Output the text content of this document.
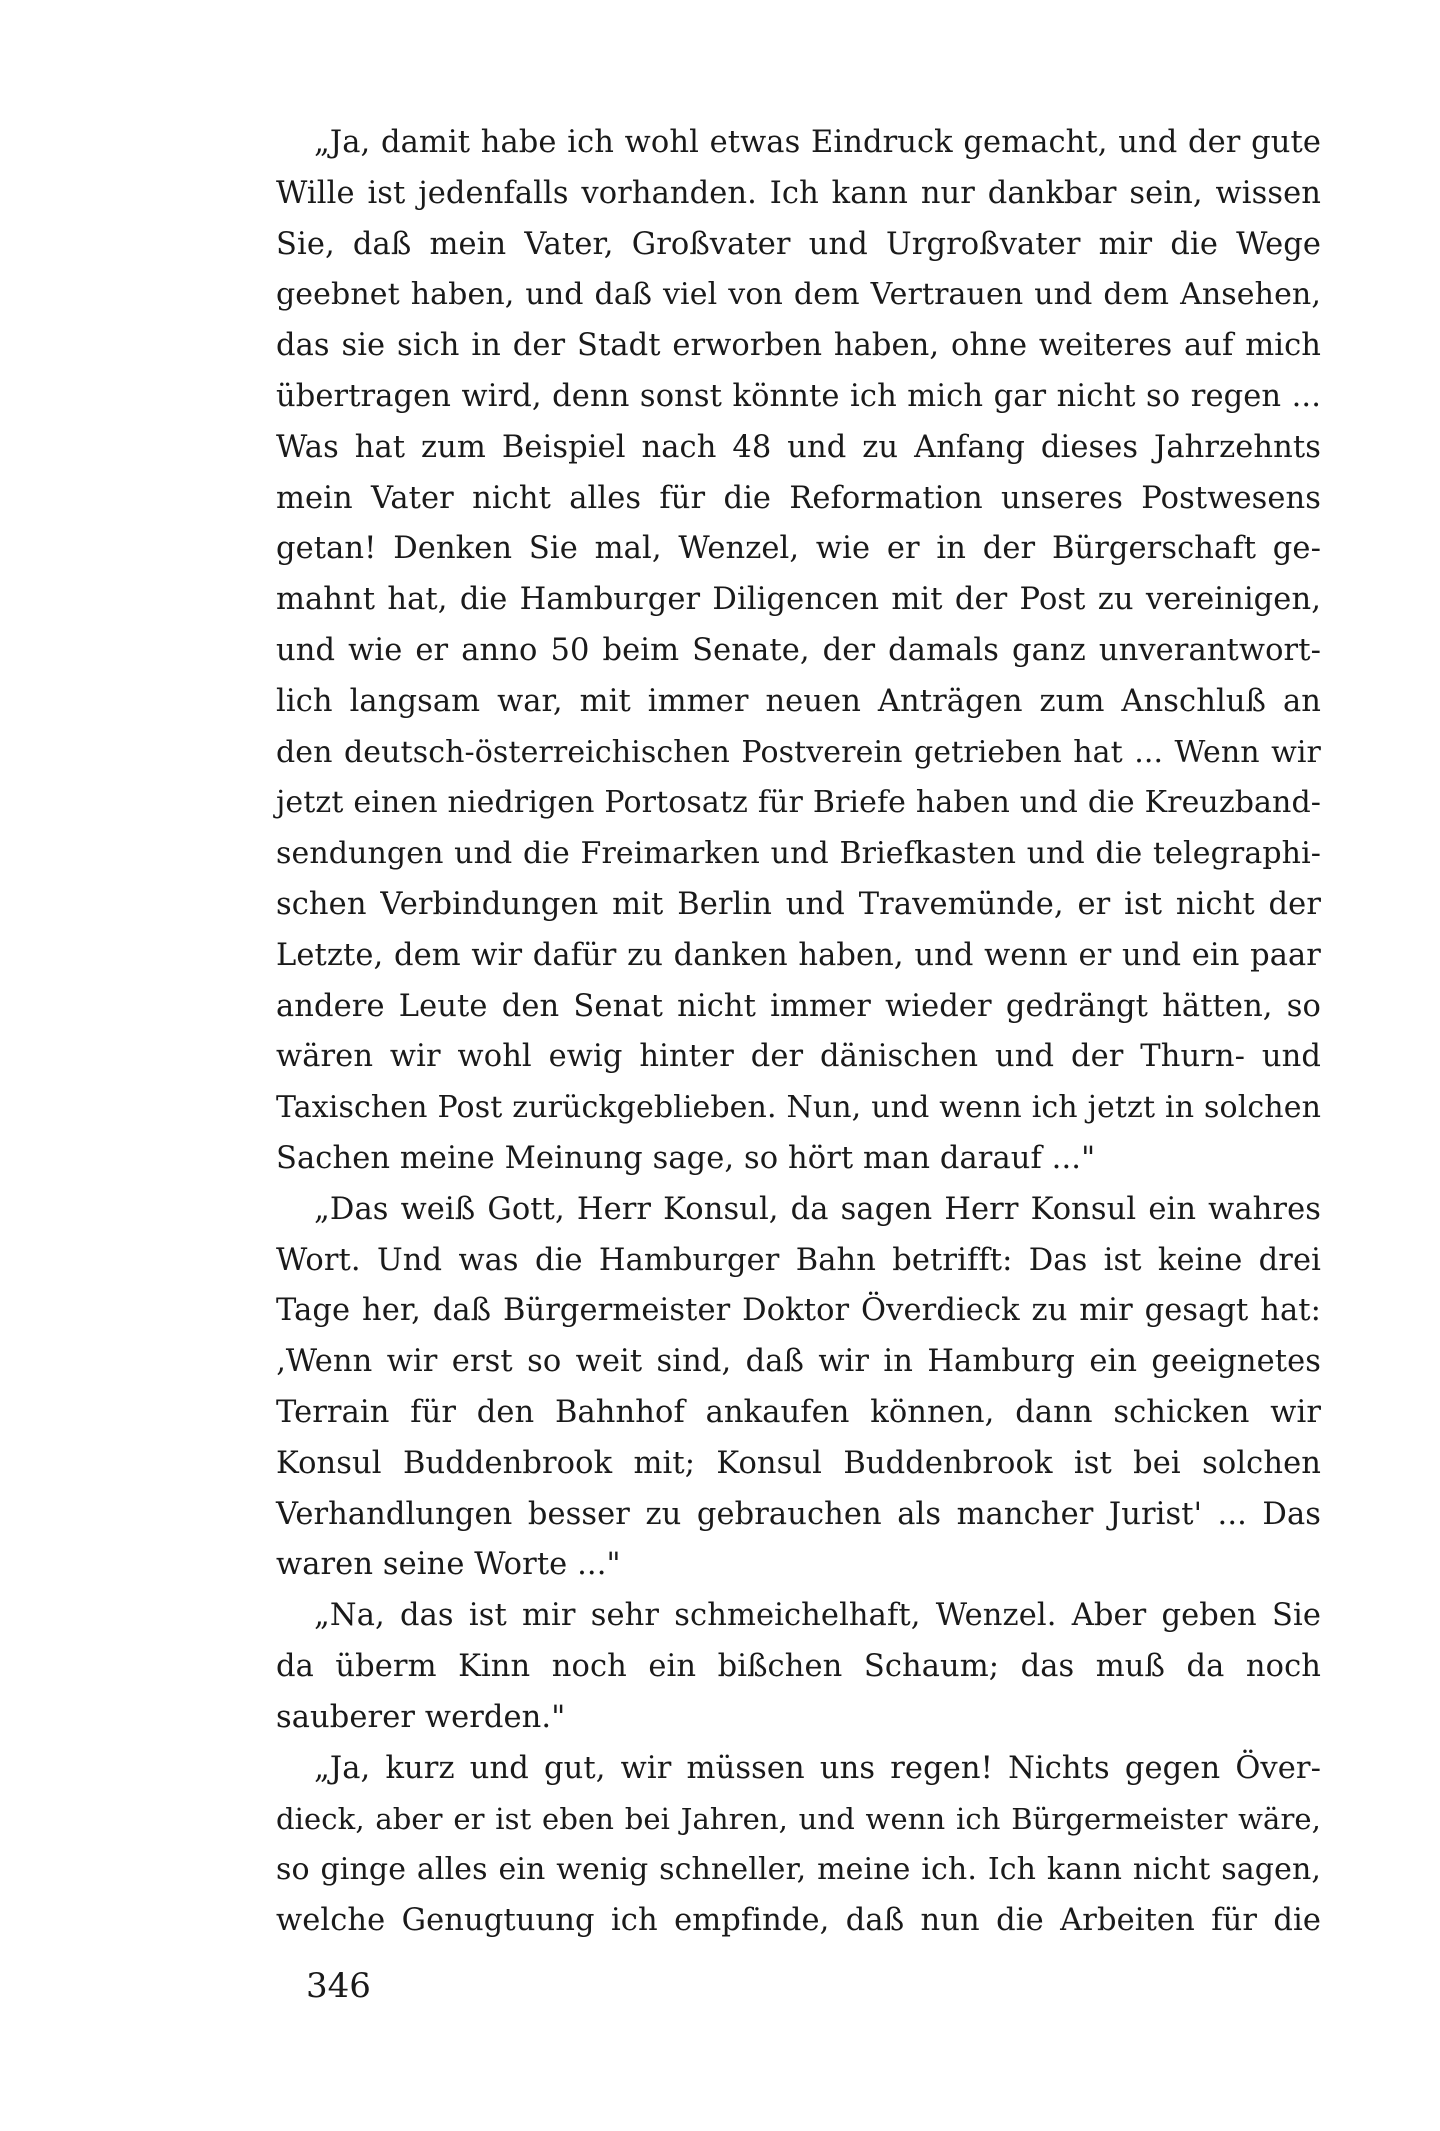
„Ja, damit habe ich wohl etwas Eindruck gemacht, und der gute
Wille ist jedenfalls vorhanden. Ich kann nur dankbar sein, wissen
Sie, daß mein Vater, Großvater und Urgroßvater mir die Wege
geebnet haben, und daß viel von dem Vertrauen und dem Ansehen,
das sie sich in der Stadt erworben haben, ohne weiteres auf mich
übertragen wird, denn sonst könnte ich mich gar nicht so regen ...
Was hat zum Beispiel nach 48 und zu Anfang dieses Jahrzehnts
mein Vater nicht alles für die Reformation unseres Postwesens
getan! Denken Sie mal, Wenzel, wie er in der Bürgerschaft ge-
mahnt hat, die Hamburger Diligencen mit der Post zu vereinigen,
und wie er anno 50 beim Senate, der damals ganz unverantwort-
lich langsam war, mit immer neuen Anträgen zum Anschluß an
den deutsch-österreichischen Postverein getrieben hat ... Wenn wir
jetzt einen niedrigen Portosatz für Briefe haben und die Kreuzband-
sendungen und die Freimarken und Briefkasten und die telegraphi-
schen Verbindungen mit Berlin und Travemünde, er ist nicht der
Letzte, dem wir dafür zu danken haben, und wenn er und ein paar
andere Leute den Senat nicht immer wieder gedrängt hätten, so
wären wir wohl ewig hinter der dänischen und der Thurn- und
Taxischen Post zurückgeblieben. Nun, und wenn ich jetzt in solchen
Sachen meine Meinung sage, so hört man darauf ..."
„Das weiß Gott, Herr Konsul, da sagen Herr Konsul ein wahres
Wort. Und was die Hamburger Bahn betrifft: Das ist keine drei
Tage her, daß Bürgermeister Doktor Överdieck zu mir gesagt hat:
‚Wenn wir erst so weit sind, daß wir in Hamburg ein geeignetes
Terrain für den Bahnhof ankaufen können, dann schicken wir
Konsul Buddenbrook mit; Konsul Buddenbrook ist bei solchen
Verhandlungen besser zu gebrauchen als mancher Jurist' ... Das
waren seine Worte ..."
„Na, das ist mir sehr schmeichelhaft, Wenzel. Aber geben Sie
da überm Kinn noch ein bißchen Schaum; das muß da noch
sauberer werden."
„Ja, kurz und gut, wir müssen uns regen! Nichts gegen Över-
dieck, aber er ist eben bei Jahren, und wenn ich Bürgermeister wäre,
so ginge alles ein wenig schneller, meine ich. Ich kann nicht sagen,
welche Genugtuung ich empfinde, daß nun die Arbeiten für die
346
